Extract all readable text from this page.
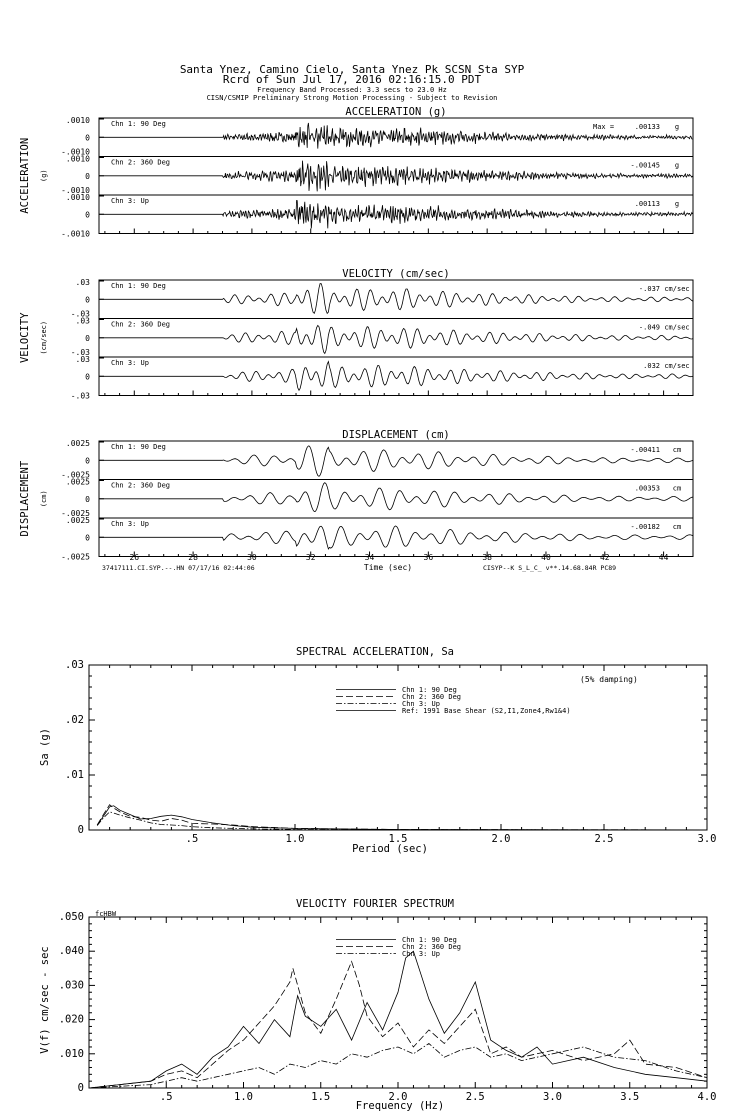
Santa Ynez, Camino Cielo, Santa Ynez Pk SCSN Sta SYP
Rcrd of Sun Jul 17, 2016 02:16:15.0 PDT
Frequency Band Processed: 3.3 secs to 23.0 Hz
CISN/CSMIP Preliminary Strong Motion Processing - Subject to Revision
ACCELERATION (g)
ACCELERATION (g)
Chn 1: 90 Deg
.0010
0
-.0010
Max =	.00133 g
Chn 2: 360 Deg
.0010
0
-.0010
-.00145 g
Chn 3: Up
.0010
0
-.0010
.00113 g
VELOCITY (cm/sec)
VELOCITY (cm/sec)
Chn 1: 90 Deg
.03
0
-.03
-.037 cm/sec
Chn 2: 360 Deg
.03
0
-.03
-.049 cm/sec
Chn 3: Up
.03
0
-.03
.032 cm/sec
DISPLACEMENT (cm)
DISPLACEMENT (cm)
Chn 1: 90 Deg
.0025
0
-.0025
-.00411 cm
Chn 2: 360 Deg
.0025
0
-.0025
.00353 cm
Chn 3: Up
.0025
0
-.0025
-.00182 cm
26	28	30	32	34	36	38	40	42	44
Time (sec)
37417111.CI.SYP.--.HN 07/17/16 02:44:06	CISYP--K S_L_C_ v**.14.68.84R PC89
SPECTRAL ACCELERATION, Sa
(5% damping)
Sa (g)
Period (sec)
.5	1.0	1.5	2.0	2.5	3.0
0
.01
.02
.03
Chn 1: 90 Deg
Chn 2: 360 Deg
Chn 3: Up
Ref: 1991 Base Shear (S2,I1,Zone4,Rw1&4)
VELOCITY FOURIER SPECTRUM
fcHBW
V(f) cm/sec - sec
Frequency (Hz)
.5	1.0	1.5	2.0	2.5	3.0	3.5	4.0
0
.010
.020
.030
.040
.050
Chn 1: 90 Deg
Chn 2: 360 Deg
Chn 3: Up
